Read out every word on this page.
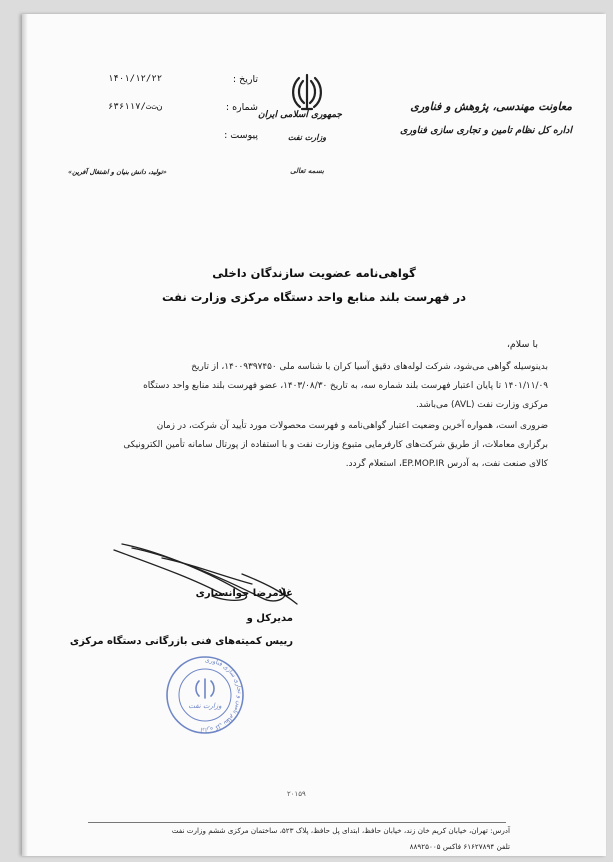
معاونت مهندسی، پژوهش و فناوری
اداره کل نظام تامین و تجاری سازی فناوری
جمهوری اسلامی ایران
وزارت نفت
بسمه تعالی
تاریخ :
۱۴۰۱/۱۲/۲۲
شماره :
ن‌ت‌ت/۶۳۶۱۱۷
پیوست :
«تولید، دانش بنیان و اشتغال آفرین»
گواهی‌نامه عضویت سازندگان داخلی
در فهرست بلند منابع واحد دستگاه مرکزی وزارت نفت
با سلام،
بدینوسیله گواهی می‌شود، شرکت لوله‌های دقیق آسیا کران با شناسه ملی ۱۴۰۰۹۳۹۷۴۵۰، از تاریخ
۱۴۰۱/۱۱/۰۹ تا پایان اعتبار فهرست بلند شماره سه، به تاریخ ۱۴۰۳/۰۸/۳۰، عضو فهرست بلند منابع واحد دستگاه
مرکزی وزارت نفت (AVL) می‌باشد.
ضروری است، همواره آخرین وضعیت اعتبار گواهی‌نامه و فهرست محصولات مورد تأیید آن شرکت، در زمان
برگزاری معاملات، از طریق شرکت‌های کارفرمایی متبوع وزارت نفت و با استفاده از پورتال سامانه تأمین الکترونیکی
کالای صنعت نفت، به آدرس EP.MOP.IR، استعلام گردد.
غلامرضا جوانسیاری
مدیرکل و
رییس کمیته‌های فنی بازرگانی دستگاه مرکزی
اداره کل نظام تامین و تجاری سازی فناوری
وزارت نفت
۲۰۱۵۹
آدرس: تهران، خیابان کریم خان زند، خیابان حافظ، ابتدای پل حافظ، پلاک ۵۲۳، ساختمان مرکزی ششم وزارت نفت
تلفن ۶۱۶۲۷۸۹۴ فاکس ۸۸۹۲۵۰۰۵
